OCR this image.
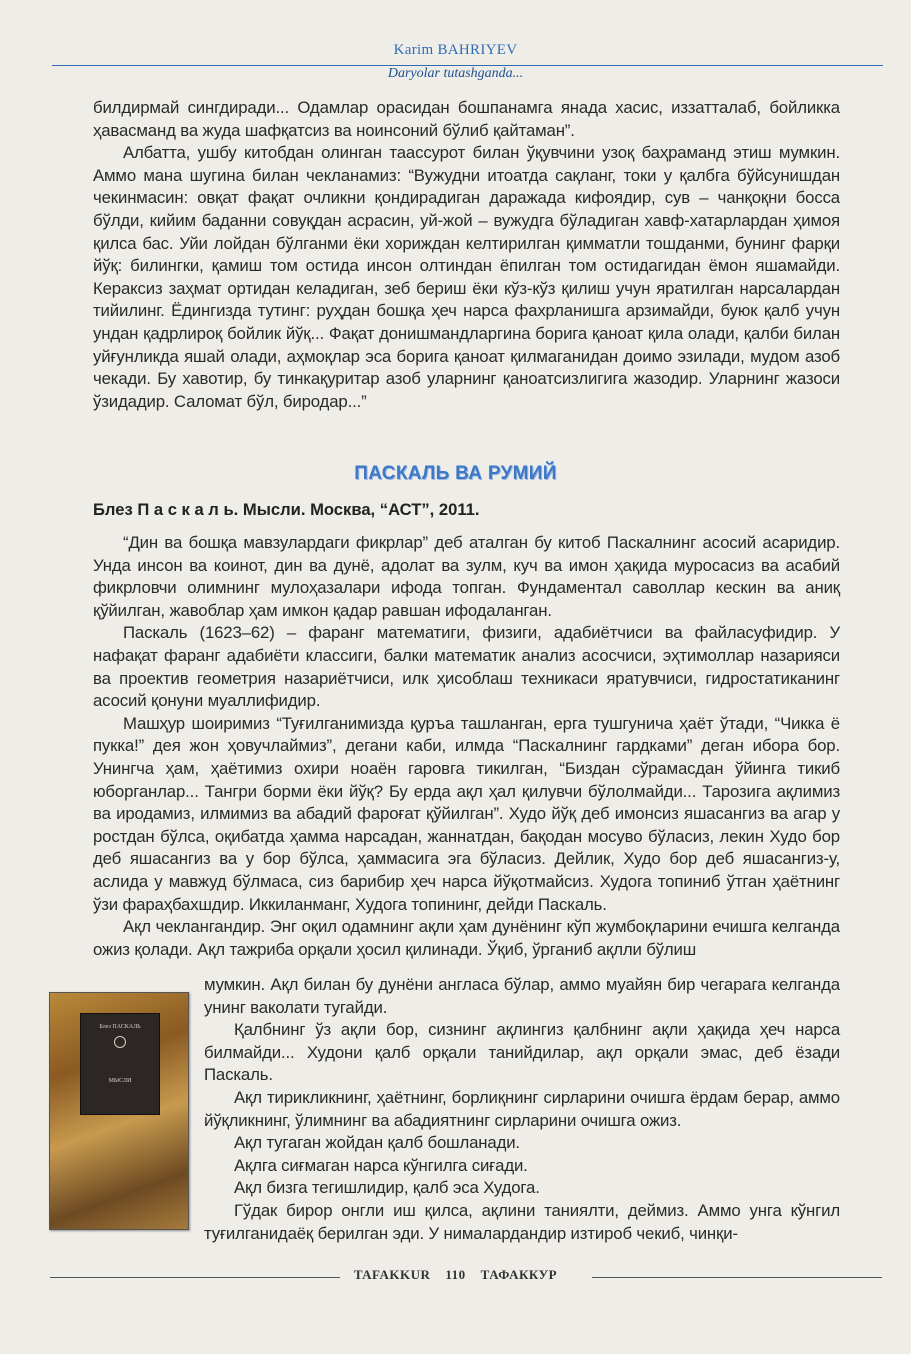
Karim BAHRIYEV
Daryolar tutashganda...

билдирмай сингдиради... Одамлар орасидан бошпанамга янада хасис, иззатталаб, бойликка ҳавасманд ва жуда шафқатсиз ва ноинсоний бўлиб қайтаман”.

Албатта, ушбу китобдан олинган таассурот билан ўқувчини узоқ баҳраманд этиш мумкин. Аммо мана шугина билан чекланамиз: “Вужудни итоатда сақланг, токи у қалбга бўйсунишдан чекинмасин: овқат фақат очликни қондирадиган даражада кифоядир, сув – чанқоқни босса бўлди, кийим баданни совуқдан асрасин, уй-жой – вужудга бўладиган хавф-хатарлардан ҳимоя қилса бас. Уйи лойдан бўлганми ёки хориждан келтирилган қимматли тошданми, бунинг фарқи йўқ: билингки, қамиш том остида инсон олтиндан ёпилган том остидагидан ёмон яшамайди. Кераксиз заҳмат ортидан келадиган, зеб бериш ёки кўз-кўз қилиш учун яратилган нарсалардан тийилинг. Ёдингизда тутинг: руҳдан бошқа ҳеч нарса фахрланишга арзимайди, буюк қалб учун ундан қадрлироқ бойлик йўқ... Фақат донишмандларгина борига қаноат қила олади, қалби билан уйғунликда яшай олади, аҳмоқлар эса борига қаноат қилмаганидан доимо эзилади, мудом азоб чекади. Бу хавотир, бу тинкақуритар азоб уларнинг қаноатсизлигига жазодир. Уларнинг жазоси ўзидадир. Саломат бўл, биродар...”

ПАСКАЛЬ ВА РУМИЙ
Блез П а с к а л ь. Мысли. Москва, “АСТ”, 2011.

“Дин ва бошқа мавзулардаги фикрлар” деб аталган бу китоб Паскалнинг асосий асаридир. Унда инсон ва коинот, дин ва дунё, адолат ва зулм, куч ва имон ҳақида муросасиз ва асабий фикрловчи олимнинг мулоҳазалари ифода топган. Фундаментал саволлар кескин ва аниқ қўйилган, жавоблар ҳам имкон қадар равшан ифодаланган.

Паскаль (1623–62) – фаранг математиги, физиги, адабиётчиси ва файласуфидир. У нафақат фаранг адабиёти классиги, балки математик анализ асосчиси, эҳтимоллар назарияси ва проектив геометрия назариётчиси, илк ҳисоблаш техникаси яратувчиси, гидростатиканинг асосий қонуни муаллифидир.

Машҳур шоиримиз “Туғилганимизда қуръа ташланган, ерга тушгунича ҳаёт ўтади, “Чикка ё пукка!” дея жон ҳовучлаймиз”, дегани каби, илмда “Паскалнинг гардками” деган ибора бор. Унингча ҳам, ҳаётимиз охири ноаён гаровга тикилган, “Биздан сўрамасдан ўйинга тикиб юборганлар... Тангри борми ёки йўқ? Бу ерда ақл ҳал қилувчи бўлолмайди... Тарозига ақлимиз ва иродамиз, илмимиз ва абадий фароғат қўйилган”. Худо йўқ деб имонсиз яшасангиз ва агар у ростдан бўлса, оқибатда ҳамма нарсадан, жаннатдан, бақодан мосуво бўласиз, лекин Худо бор деб яшасангиз ва у бор бўлса, ҳаммасига эга бўласиз. Дейлик, Худо бор деб яшасангиз-у, аслида у мавжуд бўлмаса, сиз барибир ҳеч нарса йўқотмайсиз. Худога топиниб ўтган ҳаётнинг ўзи фараҳбахшдир. Иккиланманг, Худога топининг, дейди Паскаль.

Ақл чеклангандир. Энг оқил одамнинг ақли ҳам дунёнинг кўп жумбоқларини ечишга келганда ожиз қолади. Ақл тажриба орқали ҳосил қилинади. Ўқиб, ўрганиб ақлли бўлиш

Блез ПАСКАЛЬ
МЫСЛИ

мумкин. Ақл билан бу дунёни англаса бўлар, аммо муайян бир чегарага келганда унинг ваколати тугайди.

Қалбнинг ўз ақли бор, сизнинг ақлингиз қалбнинг ақли ҳақида ҳеч нарса билмайди... Худони қалб орқали танийдилар, ақл орқали эмас, деб ёзади Паскаль.

Ақл тирикликнинг, ҳаётнинг, борлиқнинг сирларини очишга ёрдам берар, аммо йўқликнинг, ўлимнинг ва абадиятнинг сирларини очишга ожиз.

Ақл тугаган жойдан қалб бошланади.

Ақлга сиғмаган нарса кўнгилга сиғади.

Ақл бизга тегишлидир, қалб эса Худога.

Гўдак бирор онгли иш қилса, ақлини таниялти, деймиз. Аммо унга кўнгил туғилганидаёқ берилган эди. У нималардандир изтироб чекиб, чинқи-

TAFAKKUR 110 ТАФАККУР
